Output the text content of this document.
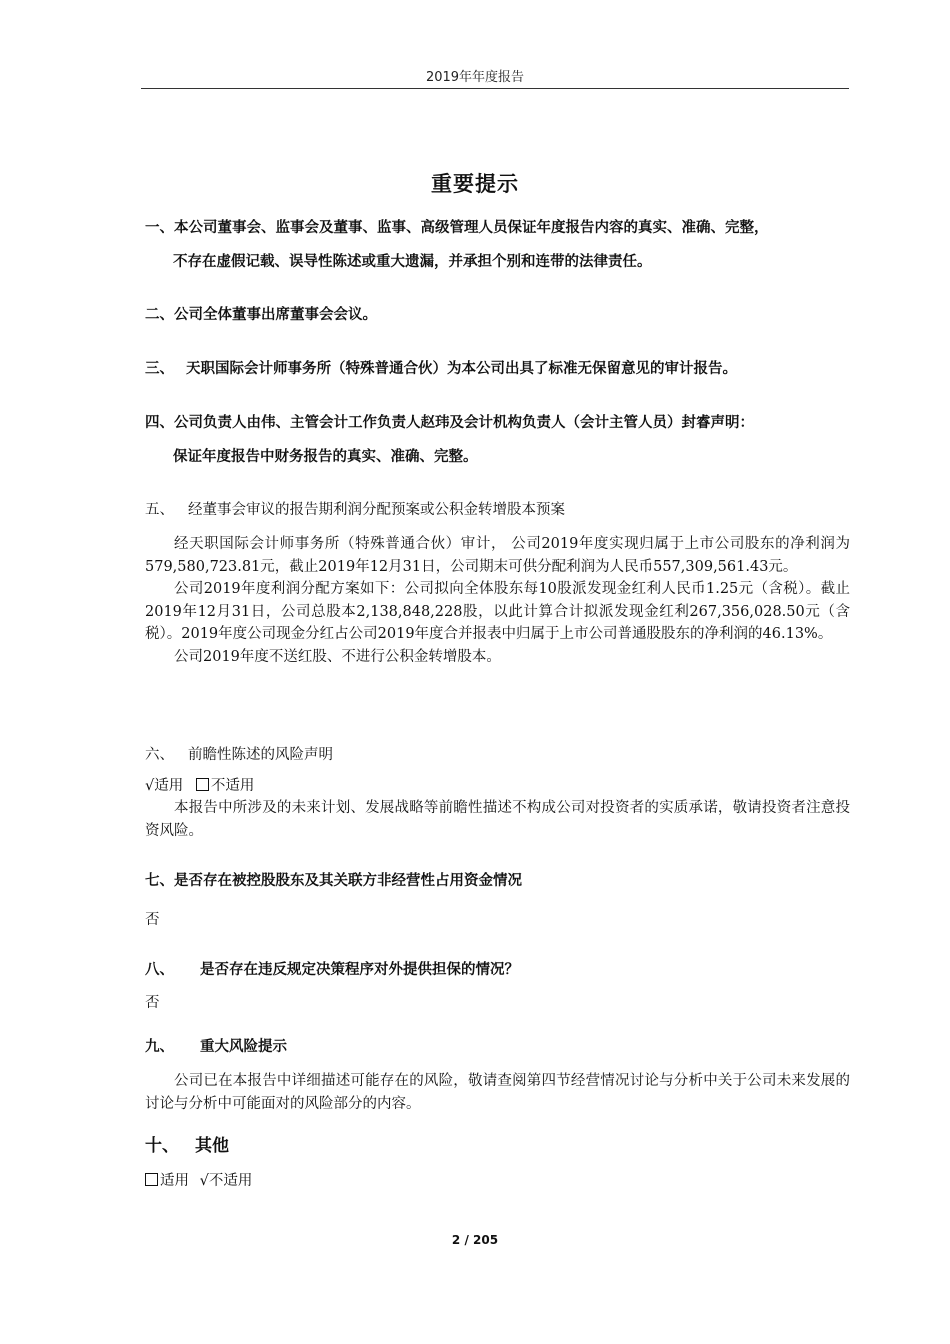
2019年年度报告
重要提示
一、本公司董事会、监事会及董事、监事、高级管理人员保证年度报告内容的真实、准确、完整，
不存在虚假记载、误导性陈述或重大遗漏，并承担个别和连带的法律责任。
二、公司全体董事出席董事会会议。
三、 天职国际会计师事务所（特殊普通合伙）为本公司出具了标准无保留意见的审计报告。
四、公司负责人由伟、主管会计工作负责人赵玮及会计机构负责人（会计主管人员）封睿声明：
保证年度报告中财务报告的真实、准确、完整。
五、 经董事会审议的报告期利润分配预案或公积金转增股本预案
经天职国际会计师事务所（特殊普通合伙）审计， 公司2019年度实现归属于上市公司股东的净利润为579,580,723.81元，截止2019年12月31日，公司期末可供分配利润为人民币557,309,561.43元。
公司2019年度利润分配方案如下：公司拟向全体股东每10股派发现金红利人民币1.25元（含税）。截止2019年12月31日，公司总股本2,138,848,228股，以此计算合计拟派发现金红利267,356,028.50元（含税）。2019年度公司现金分红占公司2019年度合并报表中归属于上市公司普通股股东的净利润的46.13%。
公司2019年度不送红股、不进行公积金转增股本。
六、 前瞻性陈述的风险声明
√适用 不适用
本报告中所涉及的未来计划、发展战略等前瞻性描述不构成公司对投资者的实质承诺，敬请投资者注意投资风险。
七、是否存在被控股股东及其关联方非经营性占用资金情况
否
八、 是否存在违反规定决策程序对外提供担保的情况？
否
九、 重大风险提示
公司已在本报告中详细描述可能存在的风险，敬请查阅第四节经营情况讨论与分析中关于公司未来发展的讨论与分析中可能面对的风险部分的内容。
十、 其他
适用 √不适用
2 / 205
